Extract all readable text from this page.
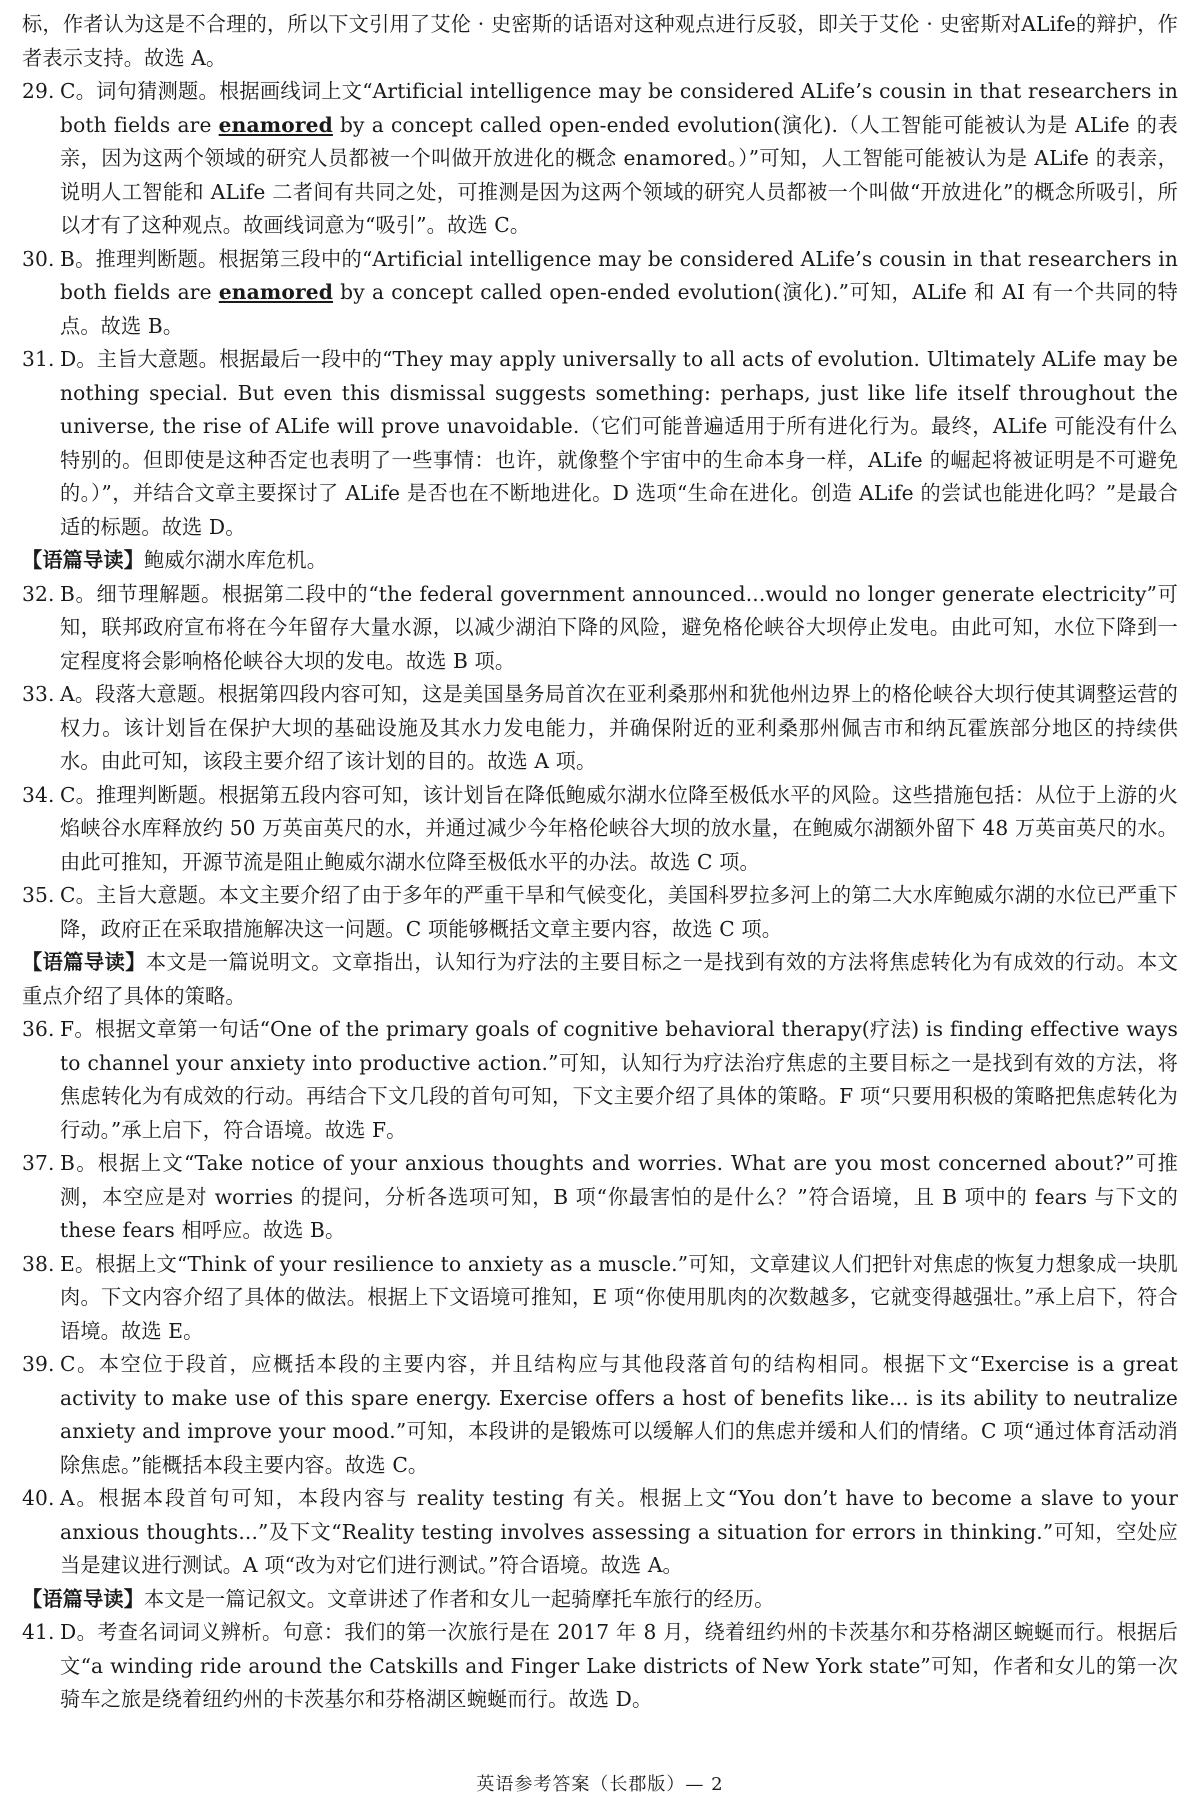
标，作者认为这是不合理的，所以下文引用了艾伦 · 史密斯的话语对这种观点进行反驳，即关于艾伦 · 史密斯对ALife的辩护，作者表示支持。故选 A。

29. C。词句猜测题。根据画线词上文“Artificial intelligence may be considered ALife’s cousin in that researchers in both fields are enamored by a concept called open-ended evolution(演化).（人工智能可能被认为是 ALife 的表亲，因为这两个领域的研究人员都被一个叫做开放进化的概念 enamored。）”可知，人工智能可能被认为是 ALife 的表亲，说明人工智能和 ALife 二者间有共同之处，可推测是因为这两个领域的研究人员都被一个叫做“开放进化”的概念所吸引，所以才有了这种观点。故画线词意为“吸引”。故选 C。

30. B。推理判断题。根据第三段中的“Artificial intelligence may be considered ALife’s cousin in that researchers in both fields are enamored by a concept called open-ended evolution(演化).”可知，ALife 和 AI 有一个共同的特点。故选 B。

31. D。主旨大意题。根据最后一段中的“They may apply universally to all acts of evolution. Ultimately ALife may be nothing special. But even this dismissal suggests something: perhaps, just like life itself throughout the universe, the rise of ALife will prove unavoidable.（它们可能普遍适用于所有进化行为。最终，ALife 可能没有什么特别的。但即使是这种否定也表明了一些事情：也许，就像整个宇宙中的生命本身一样，ALife 的崛起将被证明是不可避免的。）”，并结合文章主要探讨了 ALife 是否也在不断地进化。D 选项“生命在进化。创造 ALife 的尝试也能进化吗？”是最合适的标题。故选 D。

【语篇导读】鲍威尔湖水库危机。

32. B。细节理解题。根据第二段中的“the federal government announced...would no longer generate electricity”可知，联邦政府宣布将在今年留存大量水源，以减少湖泊下降的风险，避免格伦峡谷大坝停止发电。由此可知，水位下降到一定程度将会影响格伦峡谷大坝的发电。故选 B 项。

33. A。段落大意题。根据第四段内容可知，这是美国垦务局首次在亚利桑那州和犹他州边界上的格伦峡谷大坝行使其调整运营的权力。该计划旨在保护大坝的基础设施及其水力发电能力，并确保附近的亚利桑那州佩吉市和纳瓦霍族部分地区的持续供水。由此可知，该段主要介绍了该计划的目的。故选 A 项。

34. C。推理判断题。根据第五段内容可知，该计划旨在降低鲍威尔湖水位降至极低水平的风险。这些措施包括：从位于上游的火焰峡谷水库释放约 50 万英亩英尺的水，并通过减少今年格伦峡谷大坝的放水量，在鲍威尔湖额外留下 48 万英亩英尺的水。由此可推知，开源节流是阻止鲍威尔湖水位降至极低水平的办法。故选 C 项。

35. C。主旨大意题。本文主要介绍了由于多年的严重干旱和气候变化，美国科罗拉多河上的第二大水库鲍威尔湖的水位已严重下降，政府正在采取措施解决这一问题。C 项能够概括文章主要内容，故选 C 项。

【语篇导读】本文是一篇说明文。文章指出，认知行为疗法的主要目标之一是找到有效的方法将焦虑转化为有成效的行动。本文重点介绍了具体的策略。

36. F。根据文章第一句话“One of the primary goals of cognitive behavioral therapy(疗法) is finding effective ways to channel your anxiety into productive action.”可知，认知行为疗法治疗焦虑的主要目标之一是找到有效的方法，将焦虑转化为有成效的行动。再结合下文几段的首句可知，下文主要介绍了具体的策略。F 项“只要用积极的策略把焦虑转化为行动。”承上启下，符合语境。故选 F。

37. B。根据上文“Take notice of your anxious thoughts and worries. What are you most concerned about?”可推测，本空应是对 worries 的提问，分析各选项可知，B 项“你最害怕的是什么？”符合语境，且 B 项中的 fears 与下文的 these fears 相呼应。故选 B。

38. E。根据上文“Think of your resilience to anxiety as a muscle.”可知，文章建议人们把针对焦虑的恢复力想象成一块肌肉。下文内容介绍了具体的做法。根据上下文语境可推知，E 项“你使用肌肉的次数越多，它就变得越强壮。”承上启下，符合语境。故选 E。

39. C。本空位于段首，应概括本段的主要内容，并且结构应与其他段落首句的结构相同。根据下文“Exercise is a great activity to make use of this spare energy. Exercise offers a host of benefits like... is its ability to neutralize anxiety and improve your mood.”可知，本段讲的是锻炼可以缓解人们的焦虑并缓和人们的情绪。C 项“通过体育活动消除焦虑。”能概括本段主要内容。故选 C。

40. A。根据本段首句可知，本段内容与 reality testing 有关。根据上文“You don’t have to become a slave to your anxious thoughts...”及下文“Reality testing involves assessing a situation for errors in thinking.”可知，空处应当是建议进行测试。A 项“改为对它们进行测试。”符合语境。故选 A。

【语篇导读】本文是一篇记叙文。文章讲述了作者和女儿一起骑摩托车旅行的经历。

41. D。考查名词词义辨析。句意：我们的第一次旅行是在 2017 年 8 月，绕着纽约州的卡茨基尔和芬格湖区蜿蜒而行。根据后文“a winding ride around the Catskills and Finger Lake districts of New York state”可知，作者和女儿的第一次骑车之旅是绕着纽约州的卡茨基尔和芬格湖区蜿蜒而行。故选 D。

英语参考答案（长郡版）— 2
